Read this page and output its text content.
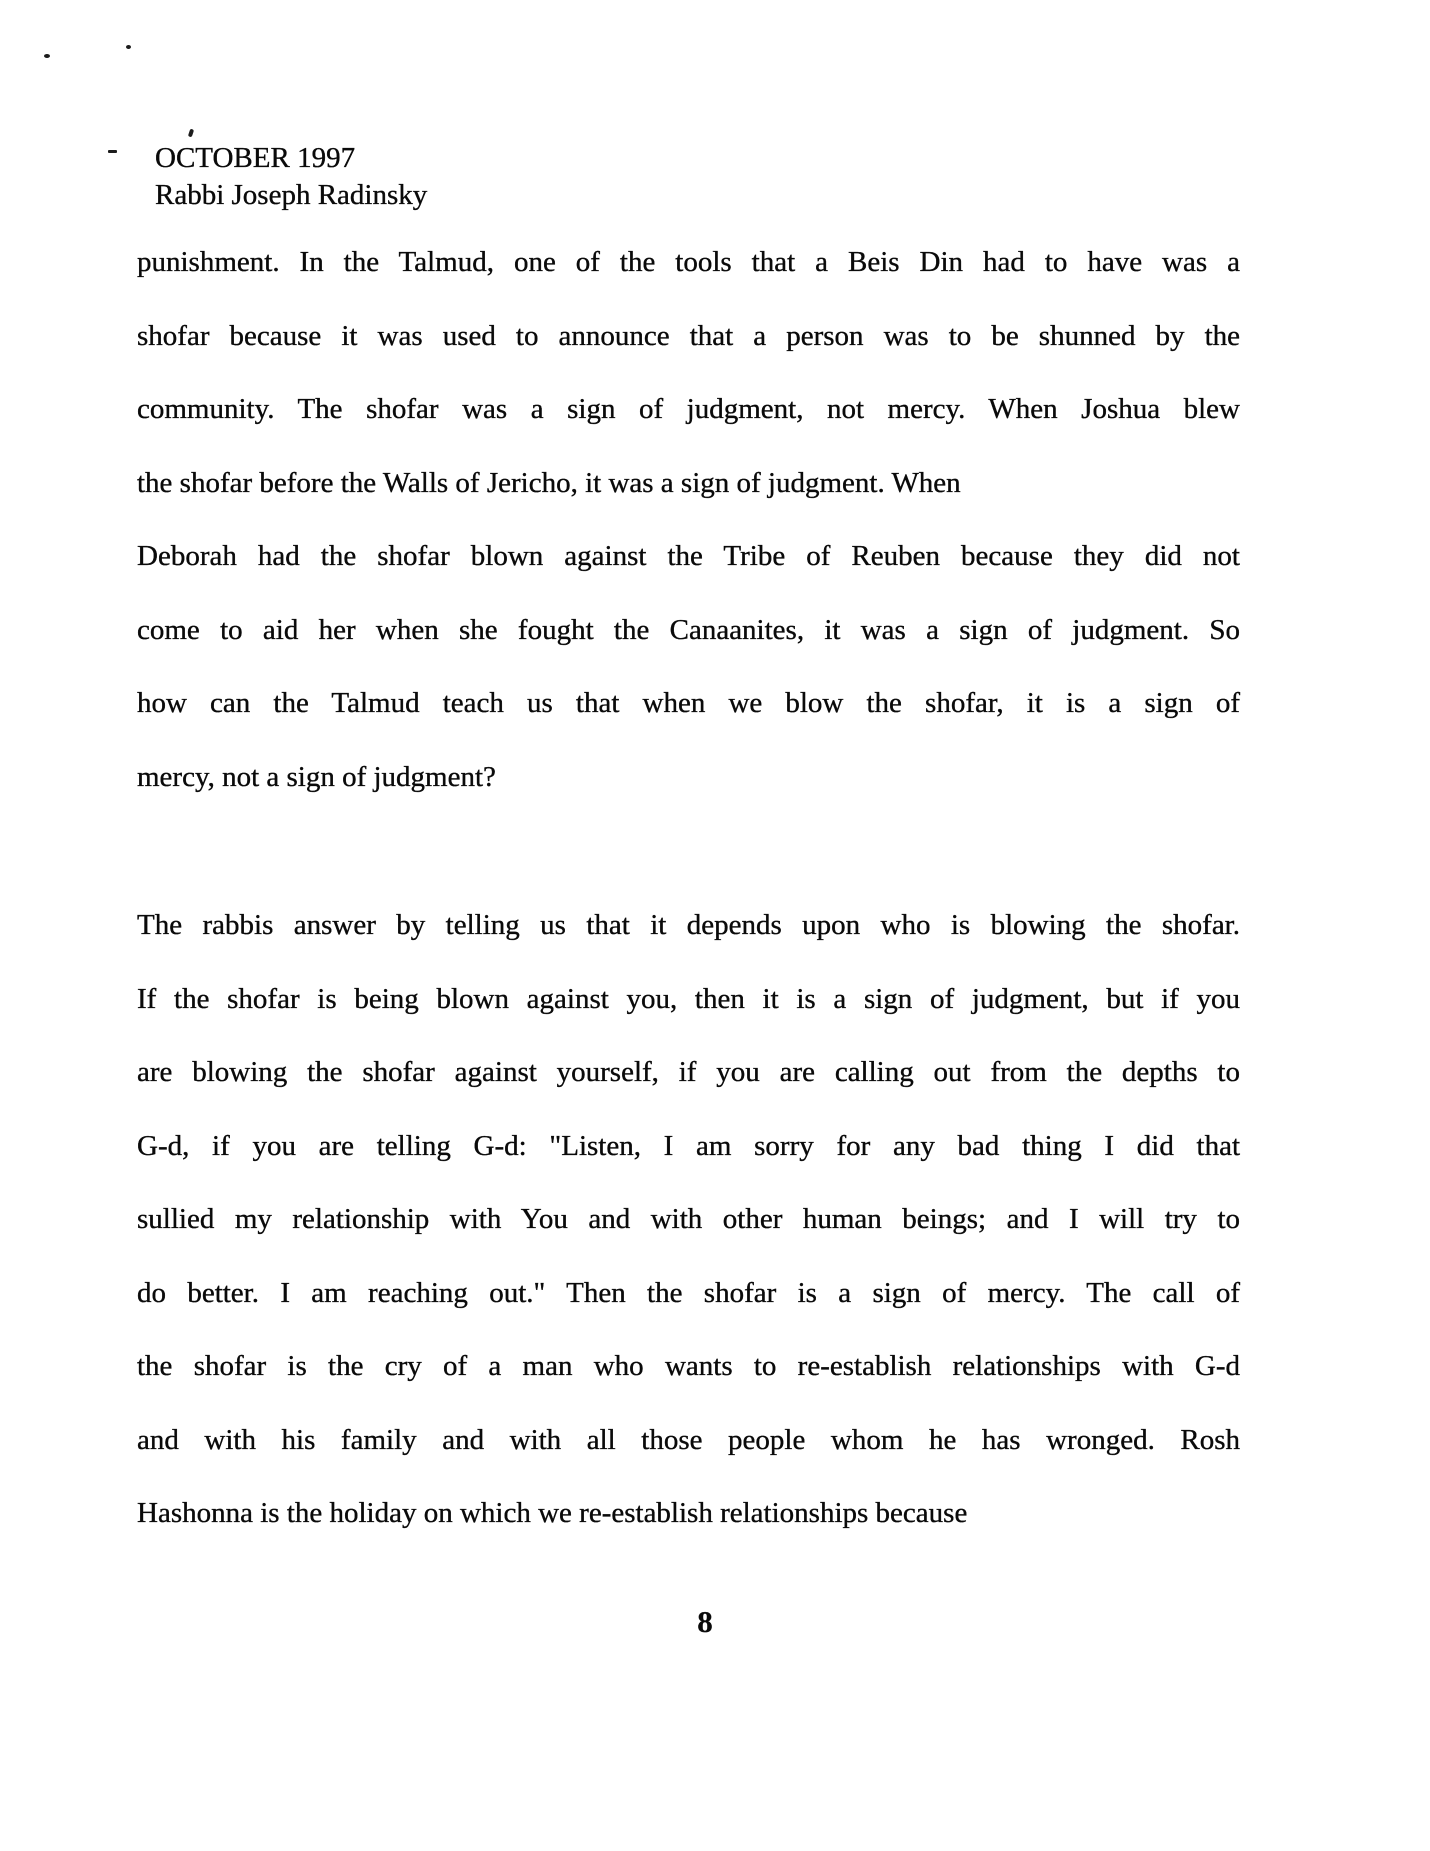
OCTOBER 1997
Rabbi Joseph Radinsky
punishment. In the Talmud, one of the tools that a Beis Din had to have was a
shofar because it was used to announce that a person was to be shunned by the
community. The shofar was a sign of judgment, not mercy. When Joshua blew
the shofar before the Walls of Jericho, it was a sign of judgment. When
Deborah had the shofar blown against the Tribe of Reuben because they did not
come to aid her when she fought the Canaanites, it was a sign of judgment. So
how can the Talmud teach us that when we blow the shofar, it is a sign of
mercy, not a sign of judgment?
The rabbis answer by telling us that it depends upon who is blowing the shofar.
If the shofar is being blown against you, then it is a sign of judgment, but if you
are blowing the shofar against yourself, if you are calling out from the depths to
G-d, if you are telling G-d: "Listen, I am sorry for any bad thing I did that
sullied my relationship with You and with other human beings; and I will try to
do better. I am reaching out." Then the shofar is a sign of mercy. The call of
the shofar is the cry of a man who wants to re-establish relationships with G-d
and with his family and with all those people whom he has wronged. Rosh
Hashonna is the holiday on which we re-establish relationships because
8
